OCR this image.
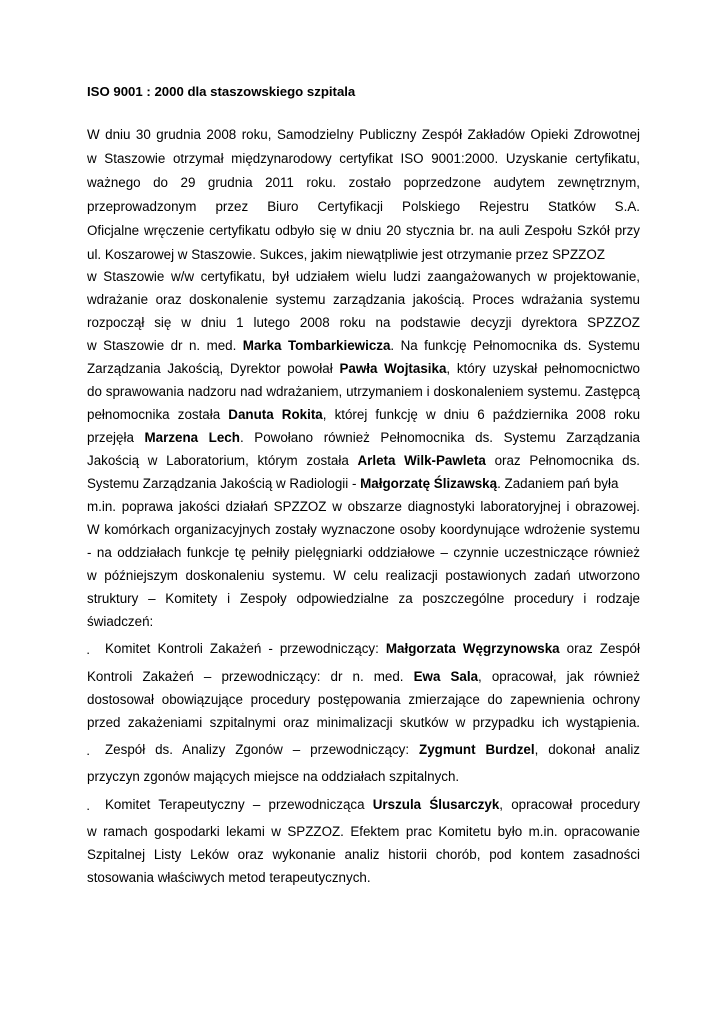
ISO 9001 : 2000 dla staszowskiego szpitala
W dniu 30 grudnia 2008 roku, Samodzielny Publiczny Zespół Zakładów Opieki Zdrowotnej
w Staszowie otrzymał międzynarodowy certyfikat ISO 9001:2000. Uzyskanie certyfikatu,
ważnego do 29 grudnia 2011 roku. zostało poprzedzone audytem zewnętrznym,
przeprowadzonym przez Biuro Certyfikacji Polskiego Rejestru Statków S.A.
Oficjalne wręczenie certyfikatu odbyło się w dniu 20 stycznia br. na auli Zespołu Szkół przy
ul. Koszarowej w Staszowie. Sukces, jakim niewątpliwie jest otrzymanie przez SPZZOZ
w Staszowie w/w certyfikatu, był udziałem wielu ludzi zaangażowanych w projektowanie,
wdrażanie oraz doskonalenie systemu zarządzania jakością. Proces wdrażania systemu
rozpoczął się w dniu 1 lutego 2008 roku na podstawie decyzji dyrektora SPZZOZ
w Staszowie dr n. med. Marka Tombarkiewicza. Na funkcję Pełnomocnika ds. Systemu
Zarządzania Jakością, Dyrektor powołał Pawła Wojtasika, który uzyskał pełnomocnictwo
do sprawowania nadzoru nad wdrażaniem, utrzymaniem i doskonaleniem systemu. Zastępcą
pełnomocnika została Danuta Rokita, której funkcję w dniu 6 października 2008 roku
przejęła Marzena Lech. Powołano również Pełnomocnika ds. Systemu Zarządzania
Jakością w Laboratorium, którym została Arleta Wilk-Pawleta oraz Pełnomocnika ds.
Systemu Zarządzania Jakością w Radiologii - Małgorzatę Ślizawską. Zadaniem pań była
m.in. poprawa jakości działań SPZZOZ w obszarze diagnostyki laboratoryjnej i obrazowej.
W komórkach organizacyjnych zostały wyznaczone osoby koordynujące wdrożenie systemu
- na oddziałach funkcje tę pełniły pielęgniarki oddziałowe – czynnie uczestniczące również
w późniejszym doskonaleniu systemu. W celu realizacji postawionych zadań utworzono
struktury – Komitety i Zespoły odpowiedzialne za poszczególne procedury i rodzaje
świadczeń:
Komitet Kontroli Zakażeń - przewodniczący: Małgorzata Węgrzynowska oraz Zespół
·
Kontroli Zakażeń – przewodniczący: dr n. med. Ewa Sala, opracował, jak również
dostosował obowiązujące procedury postępowania zmierzające do zapewnienia ochrony
przed zakażeniami szpitalnymi oraz minimalizacji skutków w przypadku ich wystąpienia.
Zespół ds. Analizy Zgonów – przewodniczący: Zygmunt Burdzel, dokonał analiz
·
przyczyn zgonów mających miejsce na oddziałach szpitalnych.
Komitet Terapeutyczny – przewodnicząca Urszula Ślusarczyk, opracował procedury
·
w ramach gospodarki lekami w SPZZOZ. Efektem prac Komitetu było m.in. opracowanie
Szpitalnej Listy Leków oraz wykonanie analiz historii chorób, pod kontem zasadności
stosowania właściwych metod terapeutycznych.
